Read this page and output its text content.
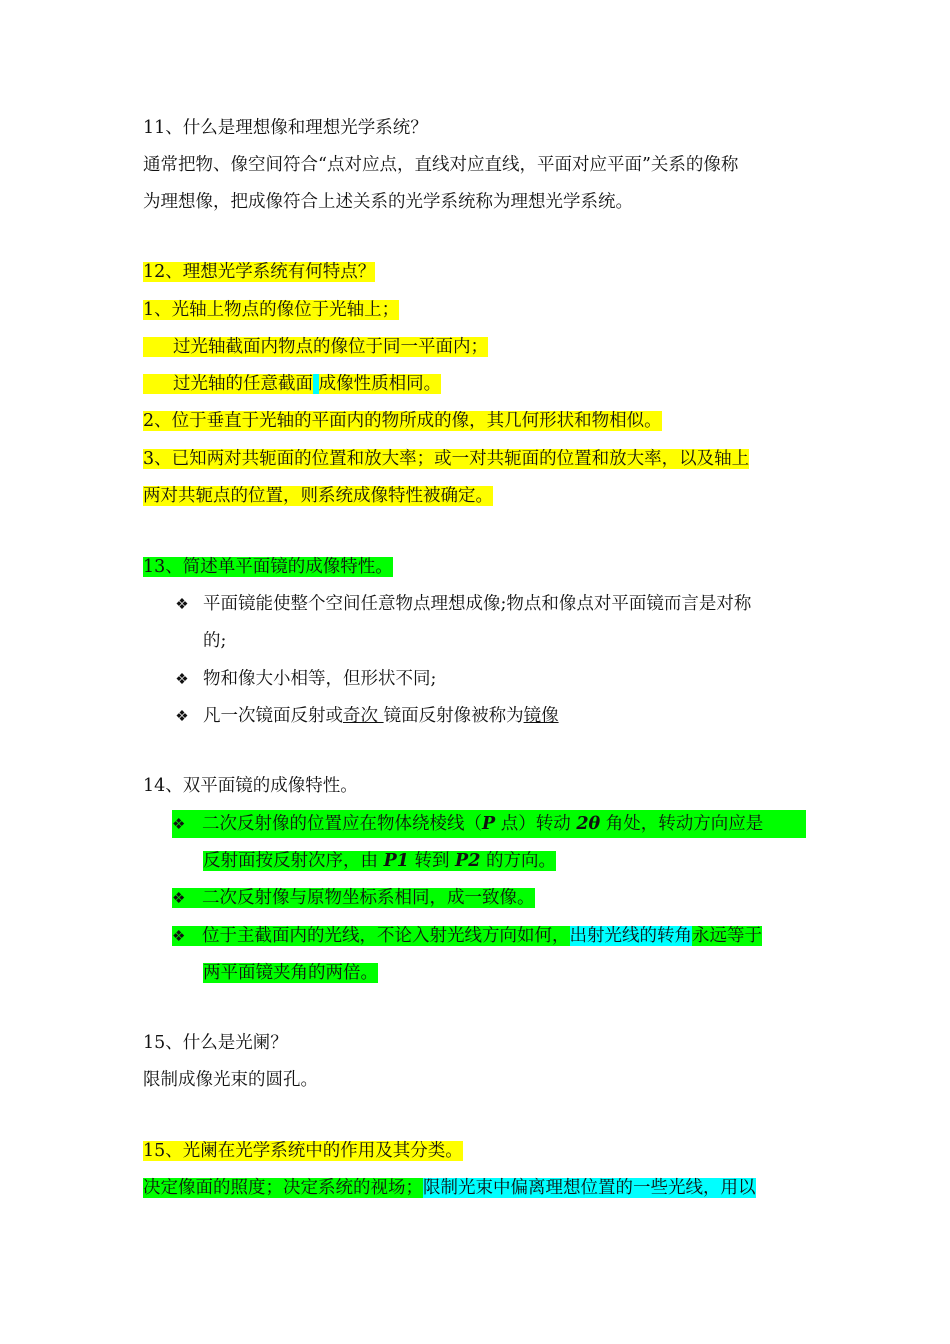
11、什么是理想像和理想光学系统？
通常把物、像空间符合“点对应点，直线对应直线，平面对应平面”关系的像称
为理想像，把成像符合上述关系的光学系统称为理想光学系统。
12、理想光学系统有何特点？
1、光轴上物点的像位于光轴上；
过光轴截面内物点的像位于同一平面内；
过光轴的任意截面 成像性质相同。
2、位于垂直于光轴的平面内的物所成的像，其几何形状和物相似。
3、已知两对共轭面的位置和放大率；或一对共轭面的位置和放大率，以及轴上
两对共轭点的位置，则系统成像特性被确定。
13、简述单平面镜的成像特性。
❖ 平面镜能使整个空间任意物点理想成像;物点和像点对平面镜而言是对称
的;
❖ 物和像大小相等，但形状不同;
❖ 凡一次镜面反射或奇次 镜面反射像被称为镜像
14、双平面镜的成像特性。
❖ 二次反射像的位置应在物体绕棱线（P 点）转动 2θ 角处，转动方向应是
反射面按反射次序，由 P1 转到 P2 的方向。
❖ 二次反射像与原物坐标系相同，成一致像。
❖ 位于主截面内的光线，不论入射光线方向如何，出射光线的转角永远等于
两平面镜夹角的两倍。
15、什么是光阑？
限制成像光束的圆孔。
15、光阑在光学系统中的作用及其分类。
决定像面的照度；决定系统的视场；限制光束中偏离理想位置的一些光线，用以
